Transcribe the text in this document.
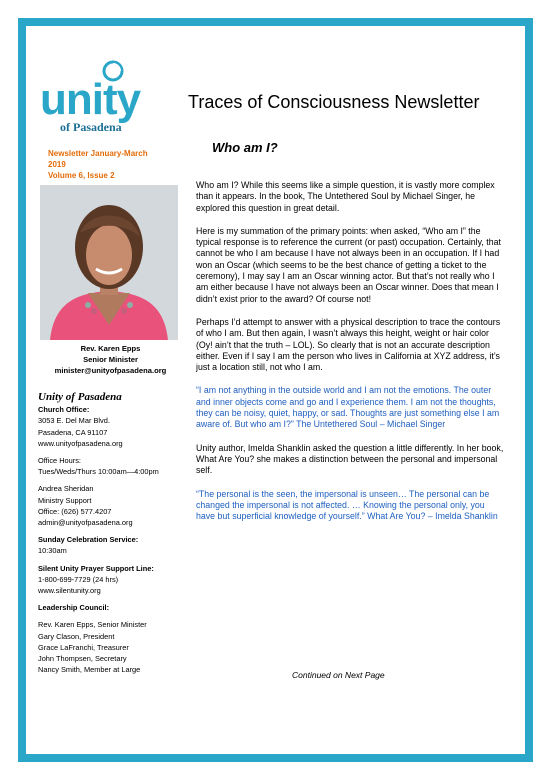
unity
of Pasadena
Traces of Consciousness Newsletter
Newsletter January-March
2019
Volume 6, Issue 2
Who am I?
Rev. Karen Epps
Senior Minister
minister@unityofpasadena.org
Unity of Pasadena
Church Office:
3053 E. Del Mar Blvd.
Pasadena, CA 91107
www.unityofpasadena.org
Office Hours:
Tues/Weds/Thurs 10:00am—4:00pm
Andrea Sheridan
Ministry Support
Office: (626) 577.4207
admin@unityofpasadena.org
Sunday Celebration Service:
10:30am
Silent Unity Prayer Support Line:
1-800-699-7729 (24 hrs)
www.silentunity.org
Leadership Council:
Rev. Karen Epps, Senior Minister
Gary Clason, President
Grace LaFranchi, Treasurer
John Thompsen, Secretary
Nancy Smith, Member at Large

Who am I? While this seems like a simple question, it is vastly more complex than it appears. In the book, The Untethered Soul by Michael Singer, he explored this question in great detail.

Here is my summation of the primary points: when asked, “Who am I” the typical response is to reference the current (or past) occupation. Certainly, that cannot be who I am because I have not always been in an occupation. If I had won an Oscar (which seems to be the best chance of getting a ticket to the ceremony), I may say I am an Oscar winning actor. But that’s not really who I am either because I have not always been an Oscar winner. Does that mean I didn’t exist prior to the award? Of course not!

Perhaps I’d attempt to answer with a physical description to trace the contours of who I am. But then again, I wasn’t always this height, weight or hair color (Oy! ain’t that the truth – LOL). So clearly that is not an accurate description either. Even if I say I am the person who lives in California at XYZ address, it’s just a location still, not who I am.

“I am not anything in the outside world and I am not the emotions. The outer and inner objects come and go and I experience them. I am not the thoughts, they can be noisy, quiet, happy, or sad. Thoughts are just something else I am aware of. But who am I?” The Untethered Soul – Michael Singer

Unity author, Imelda Shanklin asked the question a little differently. In her book, What Are You? she makes a distinction between the personal and impersonal self.

“The personal is the seen, the impersonal is unseen… The personal can be changed the impersonal is not affected. … Knowing the personal only, you have but superficial knowledge of yourself.” What Are You? – Imelda Shanklin

Continued on Next Page
